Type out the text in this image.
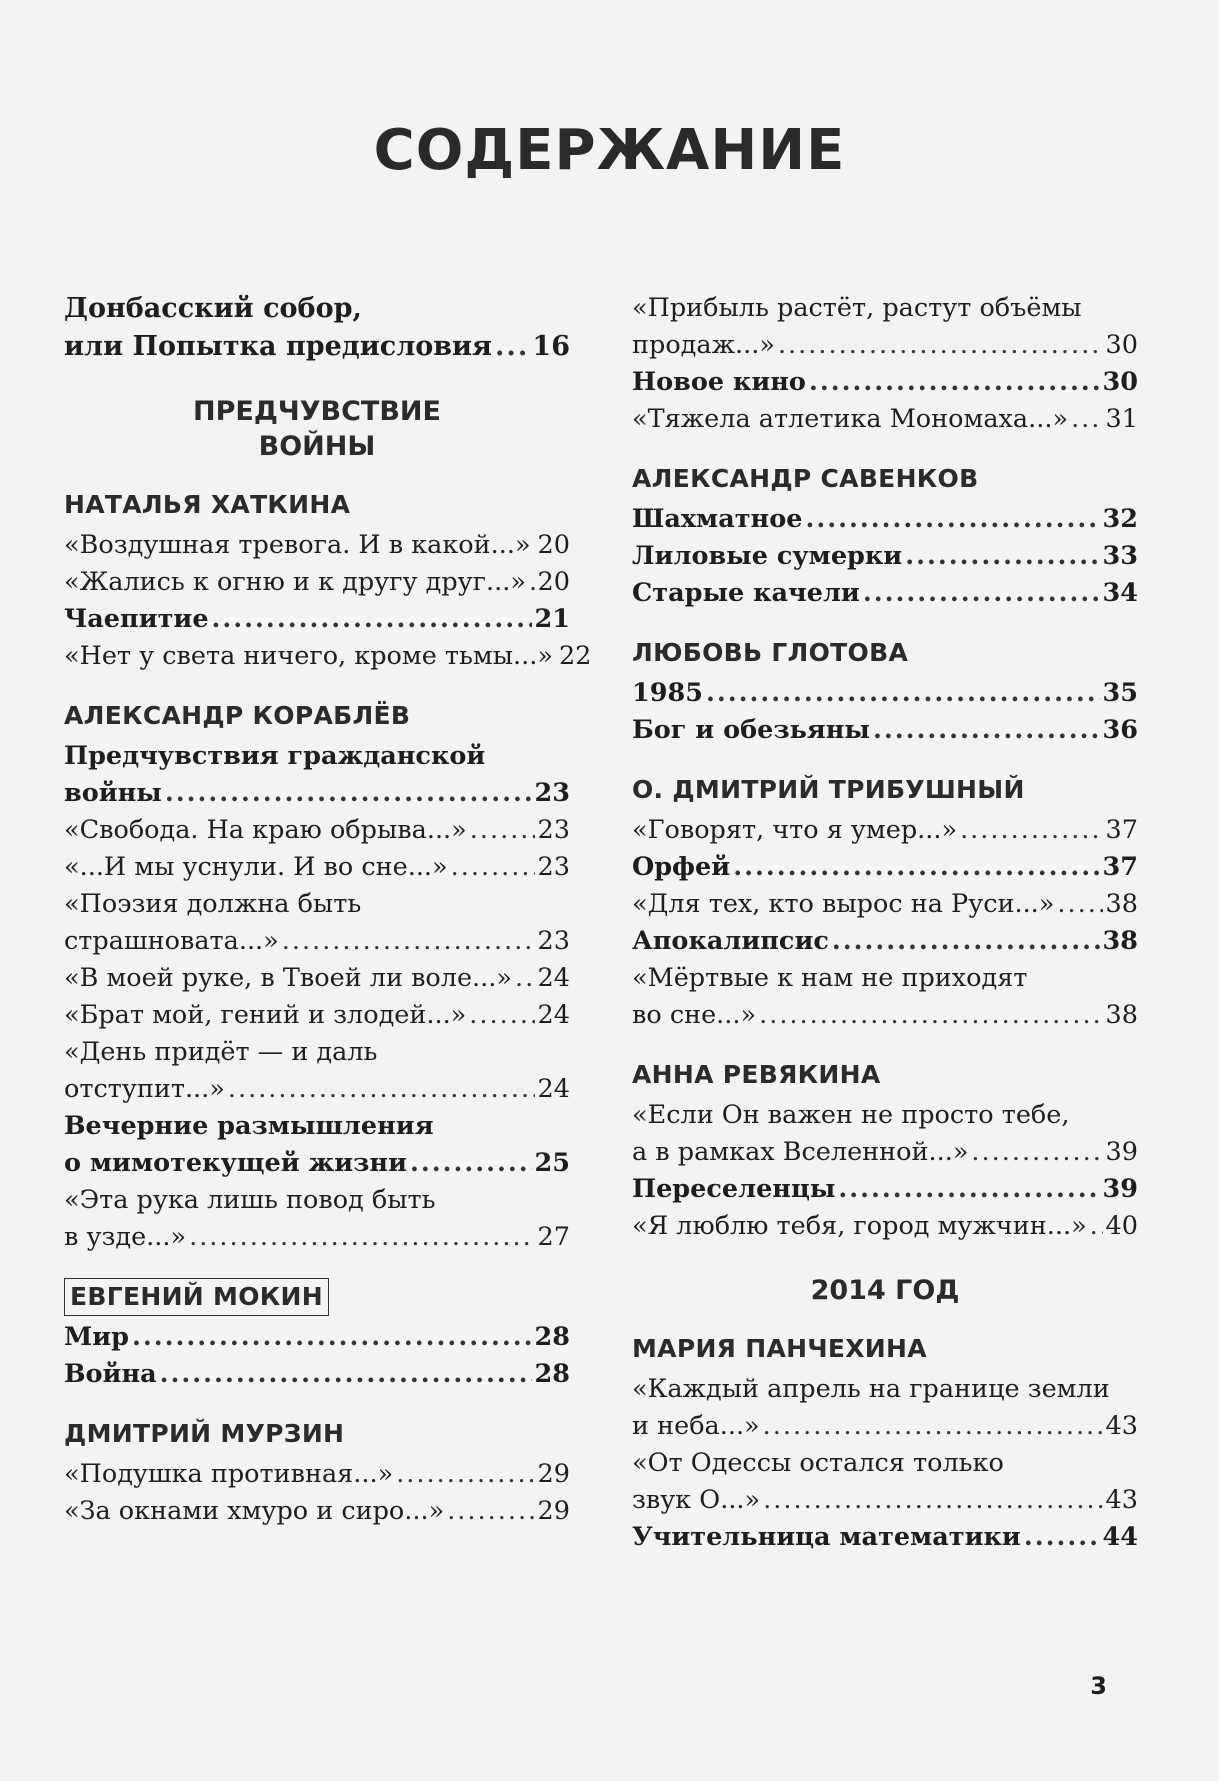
СОДЕРЖАНИЕ
Донбасский собор,
или Попытка предисловия ..... 16
ПРЕДЧУВСТВИЕ
ВОЙНЫ
НАТАЛЬЯ ХАТКИНА
«Воздушная тревога. И в какой...» ..... 20
«Жались к огню и к другу друг...» ..... 20
Чаепитие .....	21
«Нет у света ничего, кроме тьмы...» 22
АЛЕКСАНДР КОРАБЛЁВ
Предчувствия гражданской
войны .....	23
«Свобода. На краю обрыва...» .....	23
«...И мы уснули. И во сне...» .....	23
«Поэзия должна быть
страшновата...» .....	23
«В моей руке, в Твоей ли воле...» ..... 24
«Брат мой, гений и злодей...» .....	24
«День придёт — и даль
отступит...» .....	24
Вечерние размышления
о мимотекущей жизни .....	25
«Эта рука лишь повод быть
в узде...» .....	27
ЕВГЕНИЙ МОКИН
Мир .....	28
Война .....	28
ДМИТРИЙ МУРЗИН
«Подушка противная...» .....	29
«За окнами хмуро и сиро...» .....	29
«Прибыль растёт, растут объёмы
продаж...» .....	30
Новое кино .....	30
«Тяжела атлетика Мономаха...» ..... 31
АЛЕКСАНДР САВЕНКОВ
Шахматное .....	32
Лиловые сумерки .....	33
Старые качели .....	34
ЛЮБОВЬ ГЛОТОВА
1985 .....	35
Бог и обезьяны .....	36
О. ДМИТРИЙ ТРИБУШНЫЙ
«Говорят, что я умер...» .....	37
Орфей .....	37
«Для тех, кто вырос на Руси...» ..... 38
Апокалипсис .....	38
«Мёртвые к нам не приходят
во сне...» .....	38
АННА РЕВЯКИНА
«Если Он важен не просто тебе,
а в рамках Вселенной...» .....	39
Переселенцы .....	39
«Я люблю тебя, город мужчин...» ..... 40
2014 ГОД
МАРИЯ ПАНЧЕХИНА
«Каждый апрель на границе земли
и неба...» .....	43
«От Одессы остался только
звук О...» .....	43
Учительница математики .....	44
3
